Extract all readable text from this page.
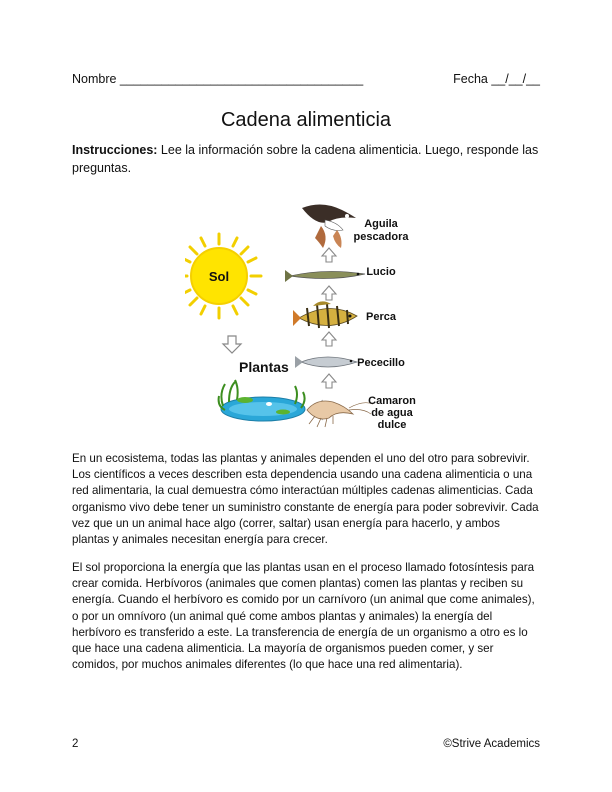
Nombre ___________________________________	Fecha __/__/__
Cadena alimenticia
Instrucciones: Lee la información sobre la cadena alimenticia. Luego, responde las preguntas.
Sol
Plantas
Aguila
pescadora
Lucio
Perca
Pececillo
Camaron
de agua
dulce
En un ecosistema, todas las plantas y animales dependen el uno del otro para sobrevivir. Los científicos a veces describen esta dependencia usando una cadena alimenticia o una red alimentaria, la cual demuestra cómo interactúan múltiples cadenas alimenticias. Cada organismo vivo debe tener un suministro constante de energía para poder sobrevivir. Cada vez que un un animal hace algo (correr, saltar) usan energía para hacerlo, y ambos plantas y animales necesitan energía para crecer.
El sol proporciona la energía que las plantas usan en el proceso llamado fotosíntesis para crear comida. Herbívoros (animales que comen plantas) comen las plantas y reciben su energía. Cuando el herbívoro es comido por un carnívoro (un animal que come animales), o por un omnívoro (un animal qué come ambos plantas y animales) la energía del herbívoro es transferido a este. La transferencia de energía de un organismo a otro es lo que hace una cadena alimenticia. La mayoría de organismos pueden comer, y ser comidos, por muchos animales diferentes (lo que hace una red alimentaria).
2	©Strive Academics
